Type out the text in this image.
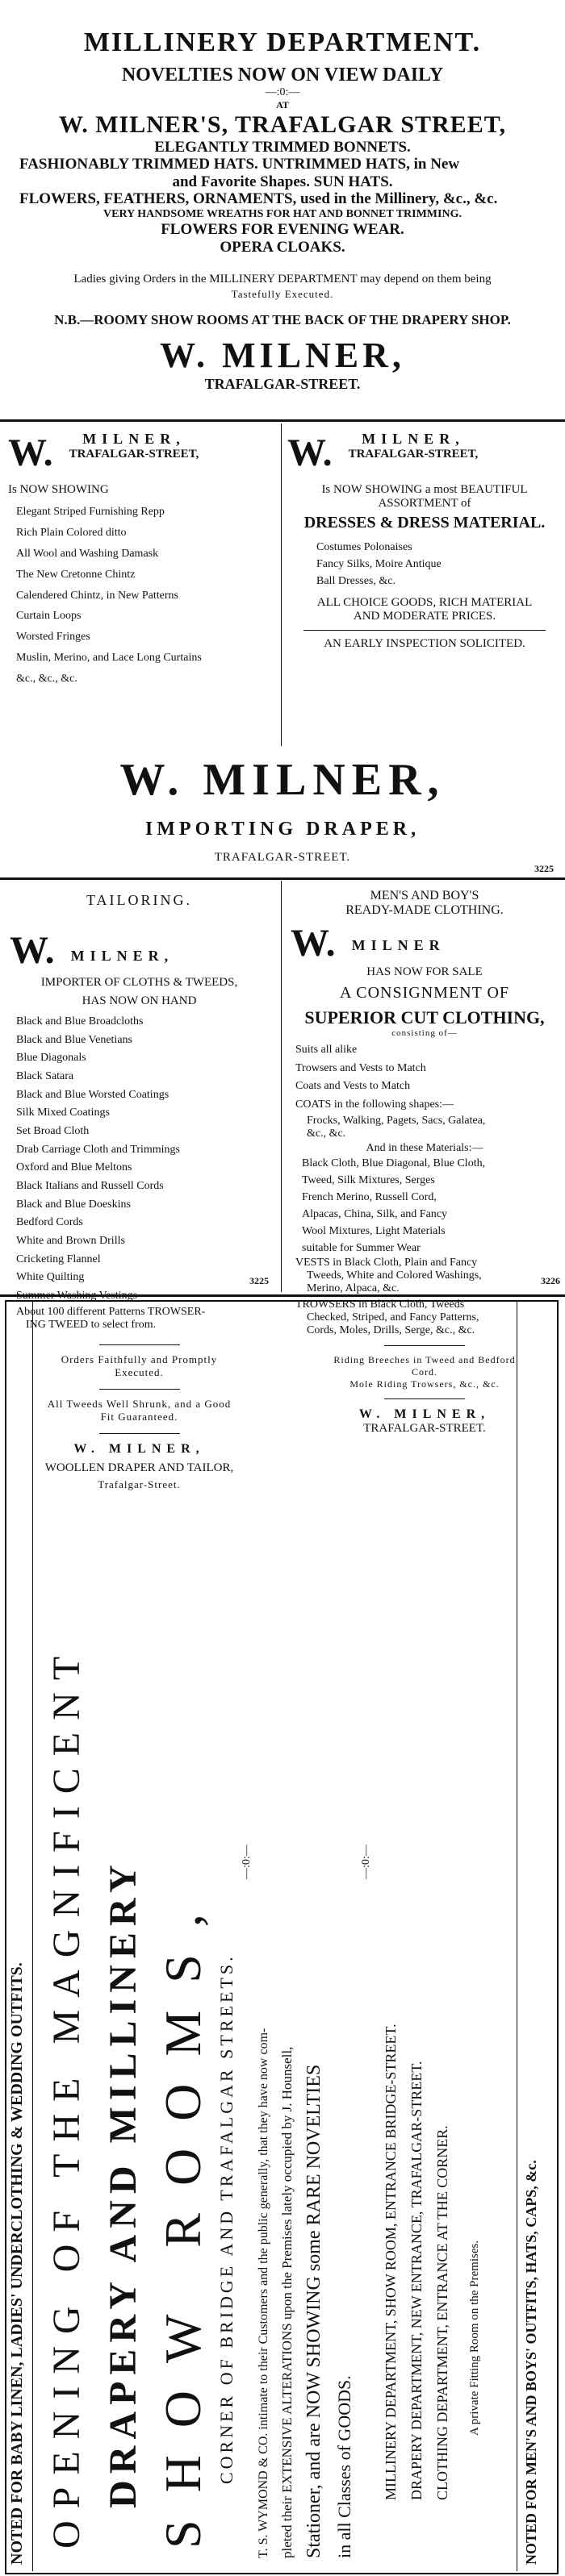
MILLINERY DEPARTMENT.
NOVELTIES NOW ON VIEW DAILY
—:0:—
AT
W. MILNER'S, TRAFALGAR STREET,
ELEGANTLY TRIMMED BONNETS.
FASHIONABLY TRIMMED HATS. UNTRIMMED HATS, in New
and Favorite Shapes. SUN HATS.
FLOWERS, FEATHERS, ORNAMENTS, used in the Millinery, &c., &c.
VERY HANDSOME WREATHS FOR HAT AND BONNET TRIMMING.
FLOWERS FOR EVENING WEAR.
OPERA CLOAKS.
Ladies giving Orders in the MILLINERY DEPARTMENT may depend on them being
Tastefully Executed.
N.B.—ROOMY SHOW ROOMS AT THE BACK OF THE DRAPERY SHOP.
W. MILNER,
TRAFALGAR-STREET.
W.	MILNER,
TRAFALGAR-STREET,
Is NOW SHOWING
Elegant Striped Furnishing Repp
Rich Plain Colored ditto
All Wool and Washing Damask
The New Cretonne Chintz
Calendered Chintz, in New Patterns
Curtain Loops
Worsted Fringes
Muslin, Merino, and Lace Long Curtains
&c., &c., &c.
W.	MILNER,
TRAFALGAR-STREET,
Is NOW SHOWING a most BEAUTIFUL
ASSORTMENT of
DRESSES & DRESS MATERIAL.
Costumes Polonaises
Fancy Silks, Moire Antique
Ball Dresses, &c.
ALL CHOICE GOODS, RICH MATERIAL
AND MODERATE PRICES.
AN EARLY INSPECTION SOLICITED.
W. MILNER,
IMPORTING DRAPER,
TRAFALGAR-STREET.
3225
TAILORING.
W. MILNER,
IMPORTER OF CLOTHS & TWEEDS,
HAS NOW ON HAND
Black and Blue Broadcloths
Black and Blue Venetians
Blue Diagonals
Black Satara
Black and Blue Worsted Coatings
Silk Mixed Coatings
Set Broad Cloth
Drab Carriage Cloth and Trimmings
Oxford and Blue Meltons
Black Italians and Russell Cords
Black and Blue Doeskins
Bedford Cords
White and Brown Drills
Cricketing Flannel
White Quilting
Summer Washing Vestings
About 100 different Patterns TROWSER-
ING TWEED to select from.
Orders Faithfully and Promptly
Executed.
All Tweeds Well Shrunk, and a Good
Fit Guaranteed.
W. MILNER,
WOOLLEN DRAPER AND TAILOR,
Trafalgar-Street.
3225
MEN'S AND BOY'S
READY-MADE CLOTHING.
W. MILNER
HAS NOW FOR SALE
A CONSIGNMENT OF
SUPERIOR CUT CLOTHING,
consisting of—
Suits all alike
Trowsers and Vests to Match
Coats and Vests to Match
COATS in the following shapes:—
Frocks, Walking, Pagets, Sacs, Galatea,
&c., &c.
And in these Materials:—
Black Cloth, Blue Diagonal, Blue Cloth,
Tweed, Silk Mixtures, Serges
French Merino, Russell Cord,
Alpacas, China, Silk, and Fancy
Wool Mixtures, Light Materials
suitable for Summer Wear
VESTS in Black Cloth, Plain and Fancy
Tweeds, White and Colored Washings,
Merino, Alpaca, &c.
TROWSERS in Black Cloth, Tweeds
Checked, Striped, and Fancy Patterns,
Cords, Moles, Drills, Serge, &c., &c.
Riding Breeches in Tweed and Bedford
Cord.
Mole Riding Trowsers, &c., &c.
W. MILNER,
TRAFALGAR-STREET.
3226
NOTED FOR BABY LINEN, LADIES' UNDERCLOTHING & WEDDING OUTFITS. OPENING OF THE MAGNIFICENT DRAPERY AND MILLINERY SHOW ROOMS, CORNER OF BRIDGE AND TRAFALGAR STREETS.
—:0:—
T. S. WYMOND & CO. intimate to their Customers and the public generally, that they have now com- pleted their EXTENSIVE ALTERATIONS upon the Premises lately occupied by J. Hounsell, Stationer, and are NOW SHOWING some RARE NOVELTIES in all Classes of GOODS.
—:0:—
MILLINERY DEPARTMENT, SHOW ROOM, ENTRANCE BRIDGE-STREET. DRAPERY DEPARTMENT, NEW ENTRANCE, TRAFALGAR-STREET. CLOTHING DEPARTMENT, ENTRANCE AT THE CORNER. A private Fitting Room on the Premises.	NOTED FOR MEN'S AND BOYS' OUTFITS, HATS, CAPS, &c.
